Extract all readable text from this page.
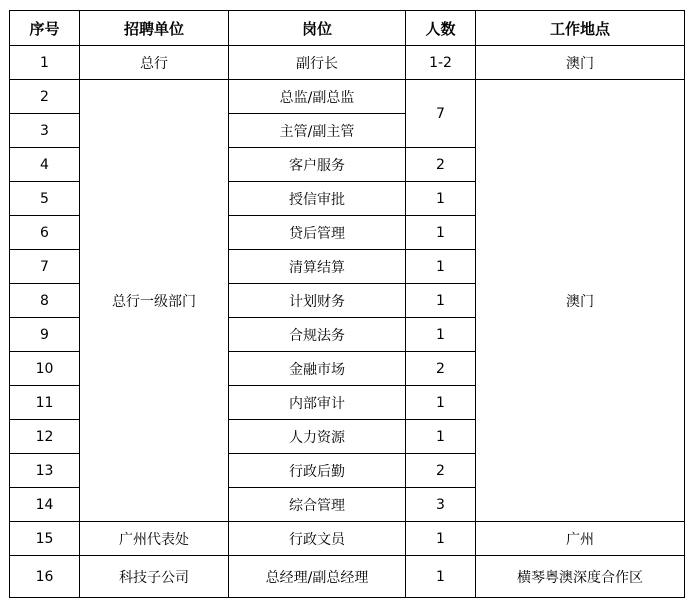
序号	招聘单位	岗位	人数	工作地点
1	总行	副行长	1-2	澳门
2	总行一级部门	总监/副总监	7	澳门
3		主管/副主管		
4		客户服务	2	
5		授信审批	1	
6		贷后管理	1	
7		清算结算	1	
8		计划财务	1	
9		合规法务	1	
10		金融市场	2	
11		内部审计	1	
12		人力资源	1	
13		行政后勤	2	
14		综合管理	3	
15	广州代表处	行政文员	1	广州
16	科技子公司	总经理/副总经理	1	横琴粤澳深度合作区
